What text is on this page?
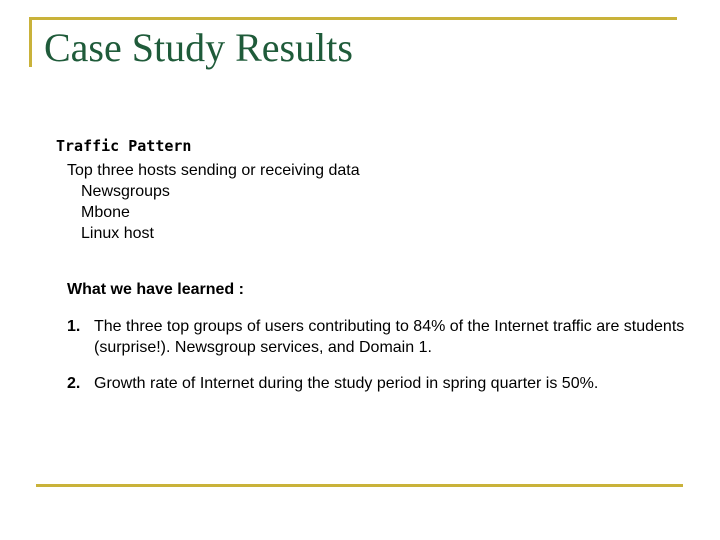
Case Study Results
Traffic Pattern
Top three hosts sending or receiving data
Newsgroups
Mbone
Linux host
What we have learned :
1. The three top groups of users contributing to 84% of the Internet traffic are students (surprise!). Newsgroup services, and Domain 1.
2. Growth rate of Internet during the study period in spring quarter is 50%.
